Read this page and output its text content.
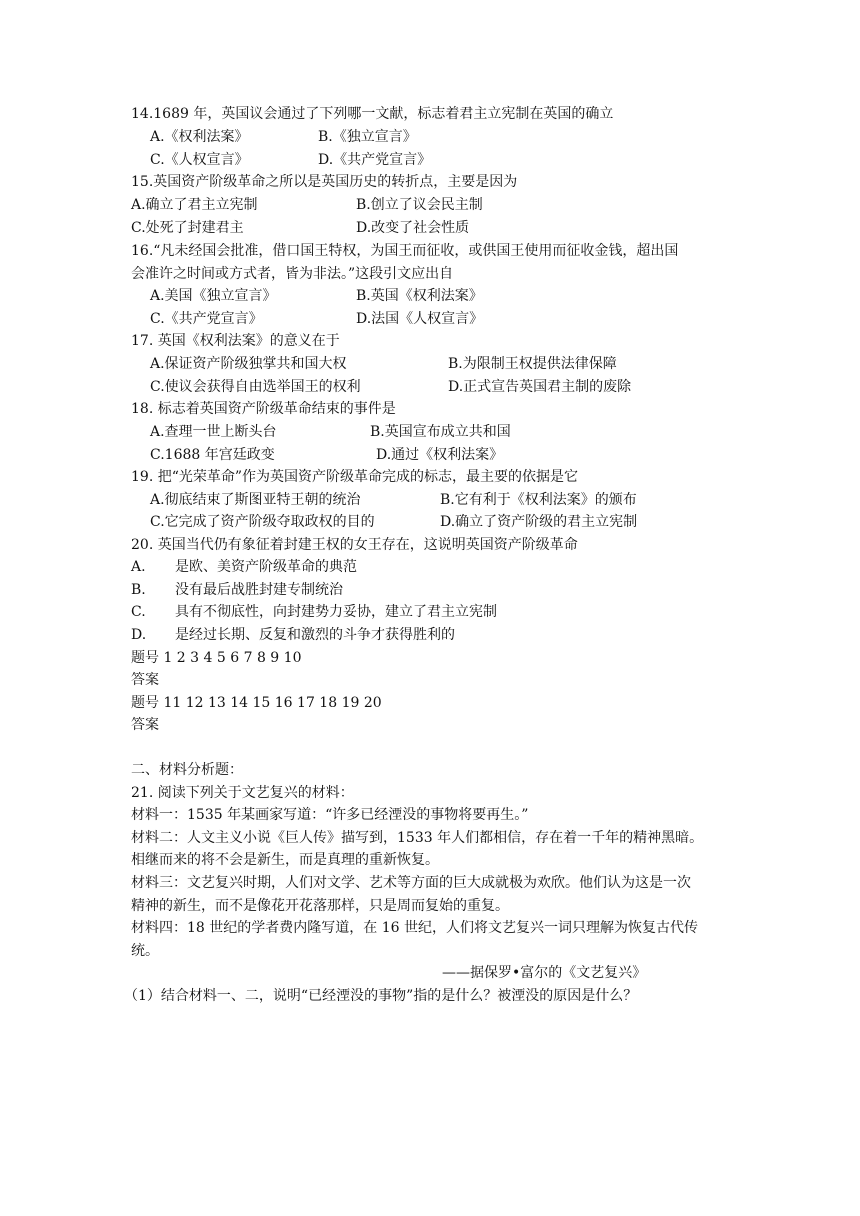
14.1689 年，英国议会通过了下列哪一文献，标志着君主立宪制在英国的确立
A.《权利法案》	B.《独立宣言》
C.《人权宣言》	D.《共产党宣言》
15.英国资产阶级革命之所以是英国历史的转折点，主要是因为
A.确立了君主立宪制	B.创立了议会民主制
C.处死了封建君主	D.改变了社会性质
16.“凡未经国会批准，借口国王特权，为国王而征收，或供国王使用而征收金钱，超出国
会准许之时间或方式者，皆为非法。”这段引文应出自
A.美国《独立宣言》	B.英国《权利法案》
C.《共产党宣言》	D.法国《人权宣言》
17. 英国《权利法案》的意义在于
A.保证资产阶级独掌共和国大权	B.为限制王权提供法律保障
C.使议会获得自由选举国王的权利	D.正式宣告英国君主制的废除
18. 标志着英国资产阶级革命结束的事件是
A.查理一世上断头台	B.英国宣布成立共和国
C.1688 年宫廷政变	D.通过《权利法案》
19. 把“光荣革命”作为英国资产阶级革命完成的标志，最主要的依据是它
A.彻底结束了斯图亚特王朝的统治	B.它有利于《权利法案》的颁布
C.它完成了资产阶级夺取政权的目的	D.确立了资产阶级的君主立宪制
20. 英国当代仍有象征着封建王权的女王存在，这说明英国资产阶级革命
A. 是欧、美资产阶级革命的典范
B. 没有最后战胜封建专制统治
C. 具有不彻底性，向封建势力妥协，建立了君主立宪制
D. 是经过长期、反复和激烈的斗争才获得胜利的
题号 1 2 3 4 5 6 7 8 9 10
答案
题号 11 12 13 14 15 16 17 18 19 20
答案
二、材料分析题：
21. 阅读下列关于文艺复兴的材料：
材料一：1535 年某画家写道：“许多已经湮没的事物将要再生。”
材料二：人文主义小说《巨人传》描写到，1533 年人们都相信，存在着一千年的精神黑暗。
相继而来的将不会是新生，而是真理的重新恢复。
材料三：文艺复兴时期，人们对文学、艺术等方面的巨大成就极为欢欣。他们认为这是一次
精神的新生，而不是像花开花落那样，只是周而复始的重复。
材料四：18 世纪的学者费内隆写道，在 16 世纪，人们将文艺复兴一词只理解为恢复古代传
统。
——据保罗•富尔的《文艺复兴》
（1）结合材料一、二，说明“已经湮没的事物”指的是什么？被湮没的原因是什么？
